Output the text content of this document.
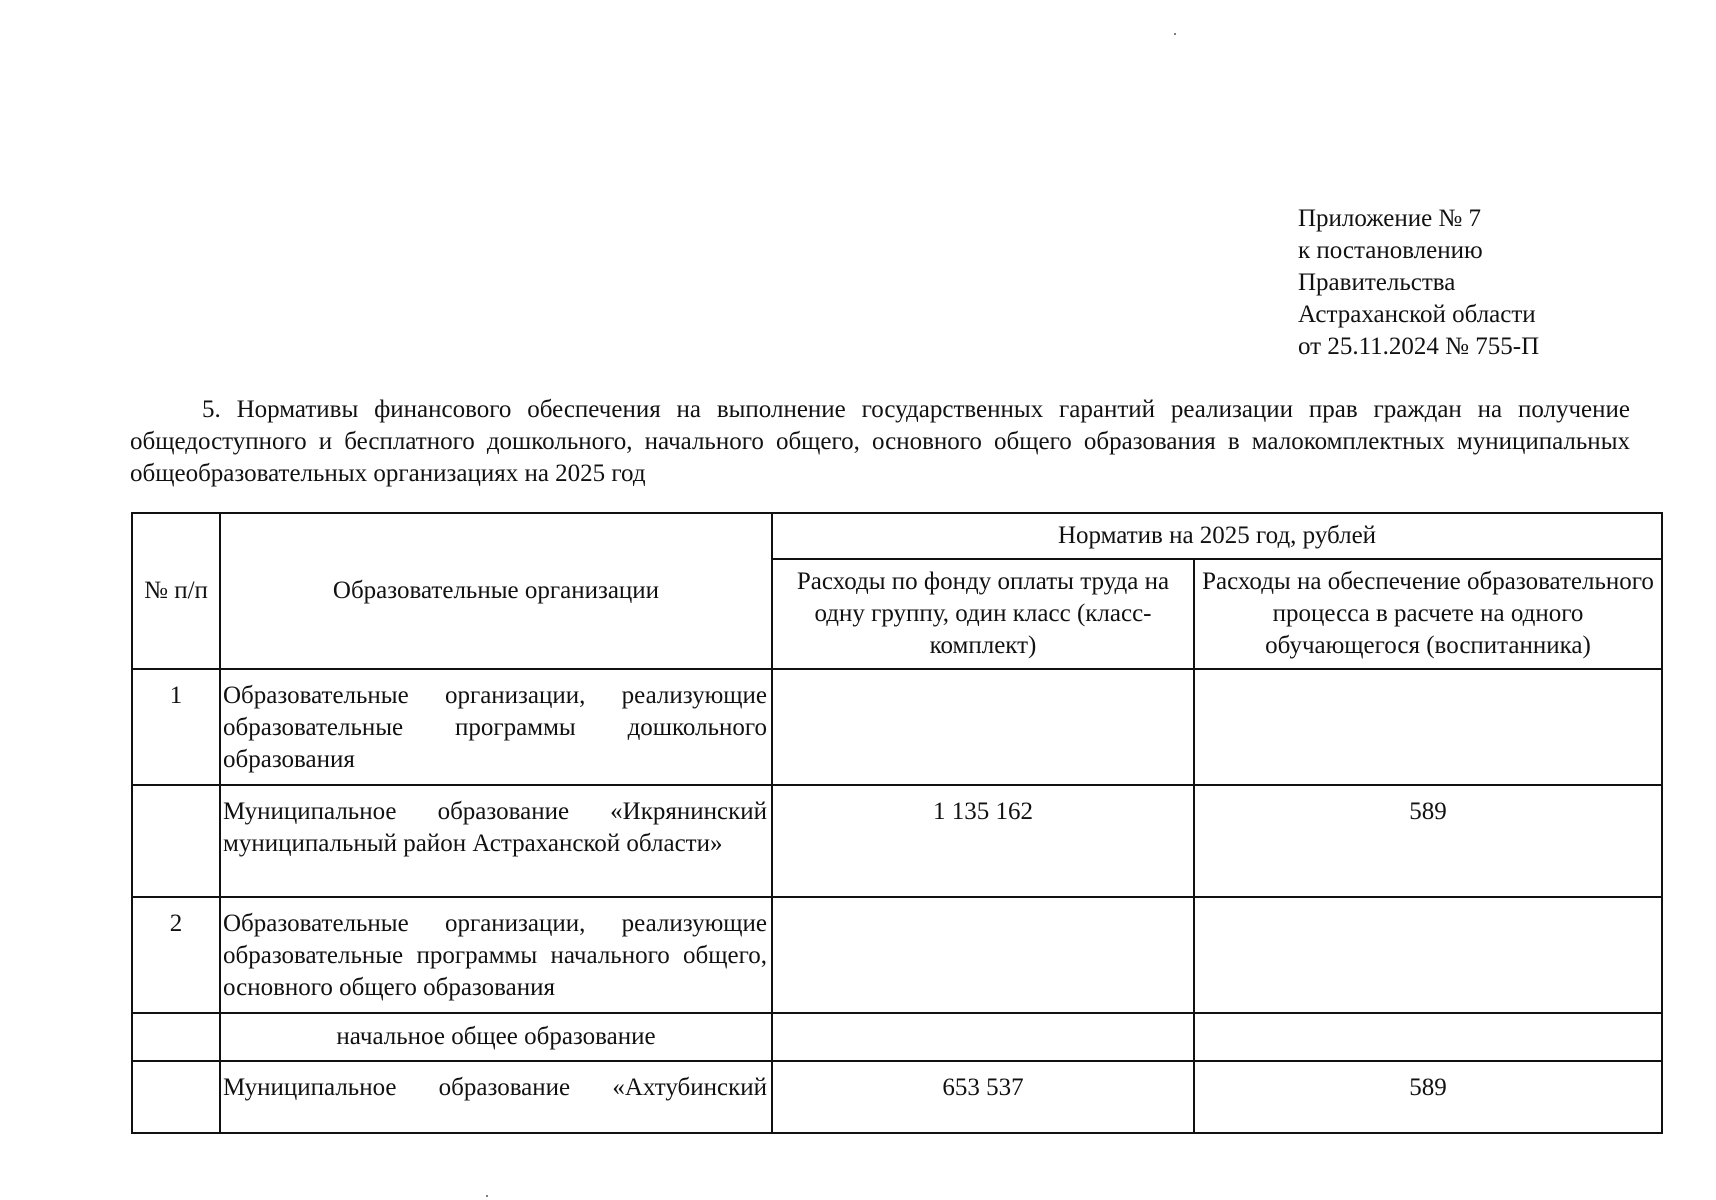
Приложение № 7
к постановлению
Правительства
Астраханской области
от 25.11.2024 № 755-П
5. Нормативы финансового обеспечения на выполнение государственных гарантий реализации прав граждан на получение общедоступного и бесплатного дошкольного, начального общего, основного общего образования в малокомплектных муниципальных общеобразовательных организациях на 2025 год
№ п/п	Образовательные организации	Норматив на 2025 год, рублей	
		Расходы по фонду оплаты труда на одну группу, один класс (класс-комплект)	Расходы на обеспечение образовательного процесса в расчете на одного обучающегося (воспитанника)
1	Образовательные организации, реализующие образовательные программы дошкольного образования		
	Муниципальное образование «Икрянинский муниципальный район Астраханской области»	1 135 162	589
2	Образовательные организации, реализующие образовательные программы начального общего, основного общего образования		
	начальное общее образование		
	Муниципальное образование «Ахтубинский	653 537	589
